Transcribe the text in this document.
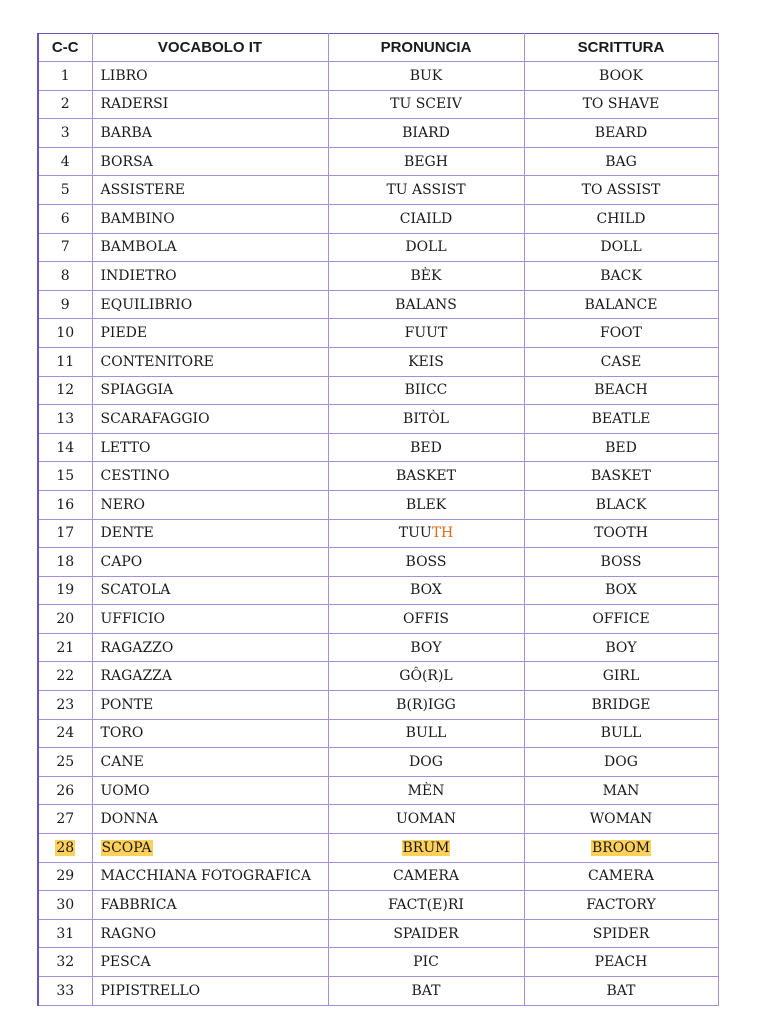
C-C	VOCABOLO IT	PRONUNCIA	SCRITTURA
1	LIBRO	BUK	BOOK
2	RADERSI	TU SCEIV	TO SHAVE
3	BARBA	BIARD	BEARD
4	BORSA	BEGH	BAG
5	ASSISTERE	TU ASSIST	TO ASSIST
6	BAMBINO	CIAILD	CHILD
7	BAMBOLA	DOLL	DOLL
8	INDIETRO	BÈK	BACK
9	EQUILIBRIO	BALANS	BALANCE
10	PIEDE	FUUT	FOOT
11	CONTENITORE	KEIS	CASE
12	SPIAGGIA	BIICC	BEACH
13	SCARAFAGGIO	BITÒL	BEATLE
14	LETTO	BED	BED
15	CESTINO	BASKET	BASKET
16	NERO	BLEK	BLACK
17	DENTE	TUUTH	TOOTH
18	CAPO	BOSS	BOSS
19	SCATOLA	BOX	BOX
20	UFFICIO	OFFIS	OFFICE
21	RAGAZZO	BOY	BOY
22	RAGAZZA	GÔ(R)L	GIRL
23	PONTE	B(R)IGG	BRIDGE
24	TORO	BULL	BULL
25	CANE	DOG	DOG
26	UOMO	MÈN	MAN
27	DONNA	UOMAN	WOMAN
28	SCOPA	BRUM	BROOM
29	MACCHIANA FOTOGRAFICA	CAMERA	CAMERA
30	FABBRICA	FACT(E)RI	FACTORY
31	RAGNO	SPAIDER	SPIDER
32	PESCA	PIC	PEACH
33	PIPISTRELLO	BAT	BAT
